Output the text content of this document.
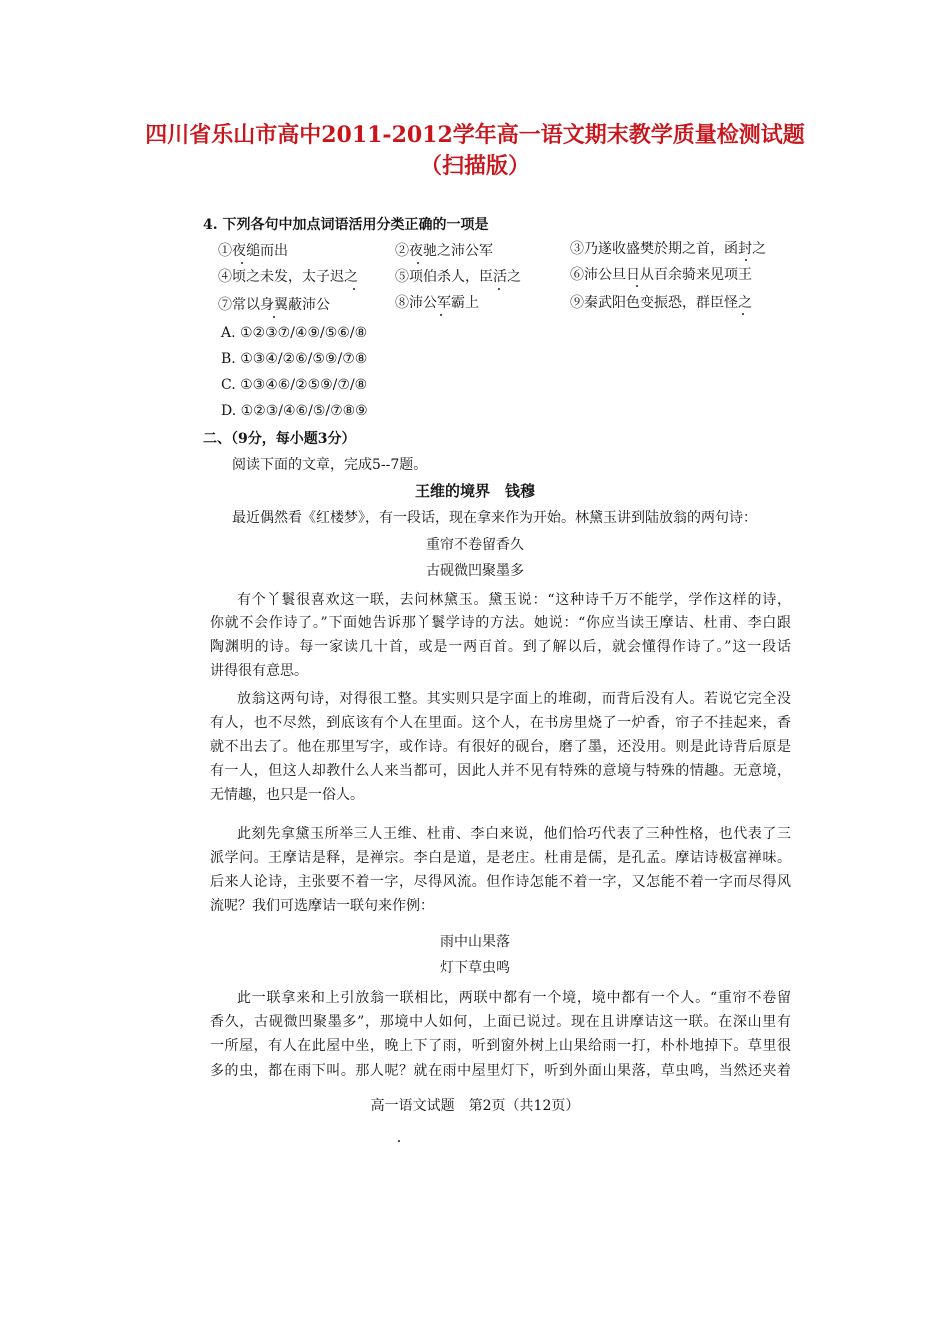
四川省乐山市高中2011-2012学年高一语文期末教学质量检测试题
（扫描版）
4. 下列各句中加点词语活用分类正确的一项是
①夜缒而出	②夜驰之沛公军	③乃遂收盛樊於期之首，函封之
④顷之未发，太子迟之	⑤项伯杀人，臣活之	⑥沛公旦日从百余骑来见项王
⑦常以身翼蔽沛公	⑧沛公军霸上	⑨秦武阳色变振恐，群臣怪之
A. ①②③⑦/④⑨/⑤⑥/⑧
B. ①③④/②⑥/⑤⑨/⑦⑧
C. ①③④⑥/②⑤⑨/⑦/⑧
D. ①②③/④⑥/⑤/⑦⑧⑨
二、（9分，每小题3分）
阅读下面的文章，完成5--7题。
王维的境界　钱穆
最近偶然看《红楼梦》，有一段话，现在拿来作为开始。林黛玉讲到陆放翁的两句诗：
重帘不卷留香久
古砚微凹聚墨多
有个丫鬟很喜欢这一联，去问林黛玉。黛玉说：“这种诗千万不能学，学作这样的诗，
你就不会作诗了。”下面她告诉那丫鬟学诗的方法。她说：“你应当读王摩诘、杜甫、李白跟
陶渊明的诗。每一家读几十首，或是一两百首。到了解以后，就会懂得作诗了。”这一段话
讲得很有意思。
放翁这两句诗，对得很工整。其实则只是字面上的堆砌，而背后没有人。若说它完全没
有人，也不尽然，到底该有个人在里面。这个人，在书房里烧了一炉香，帘子不挂起来，香
就不出去了。他在那里写字，或作诗。有很好的砚台，磨了墨，还没用。则是此诗背后原是
有一人，但这人却教什么人来当都可，因此人并不见有特殊的意境与特殊的情趣。无意境，
无情趣，也只是一俗人。
此刻先拿黛玉所举三人王维、杜甫、李白来说，他们恰巧代表了三种性格，也代表了三
派学问。王摩诘是释，是禅宗。李白是道，是老庄。杜甫是儒，是孔孟。摩诘诗极富禅味。
后来人论诗，主张要不着一字，尽得风流。但作诗怎能不着一字，又怎能不着一字而尽得风
流呢？我们可选摩诘一联句来作例：
雨中山果落
灯下草虫鸣
此一联拿来和上引放翁一联相比，两联中都有一个境，境中都有一个人。“重帘不卷留
香久，古砚微凹聚墨多”，那境中人如何，上面已说过。现在且讲摩诘这一联。在深山里有
一所屋，有人在此屋中坐，晚上下了雨，听到窗外树上山果给雨一打，朴朴地掉下。草里很
多的虫，都在雨下叫。那人呢？就在雨中屋里灯下，听到外面山果落，草虫鸣，当然还夹着
高一语文试题　第2页（共12页）
